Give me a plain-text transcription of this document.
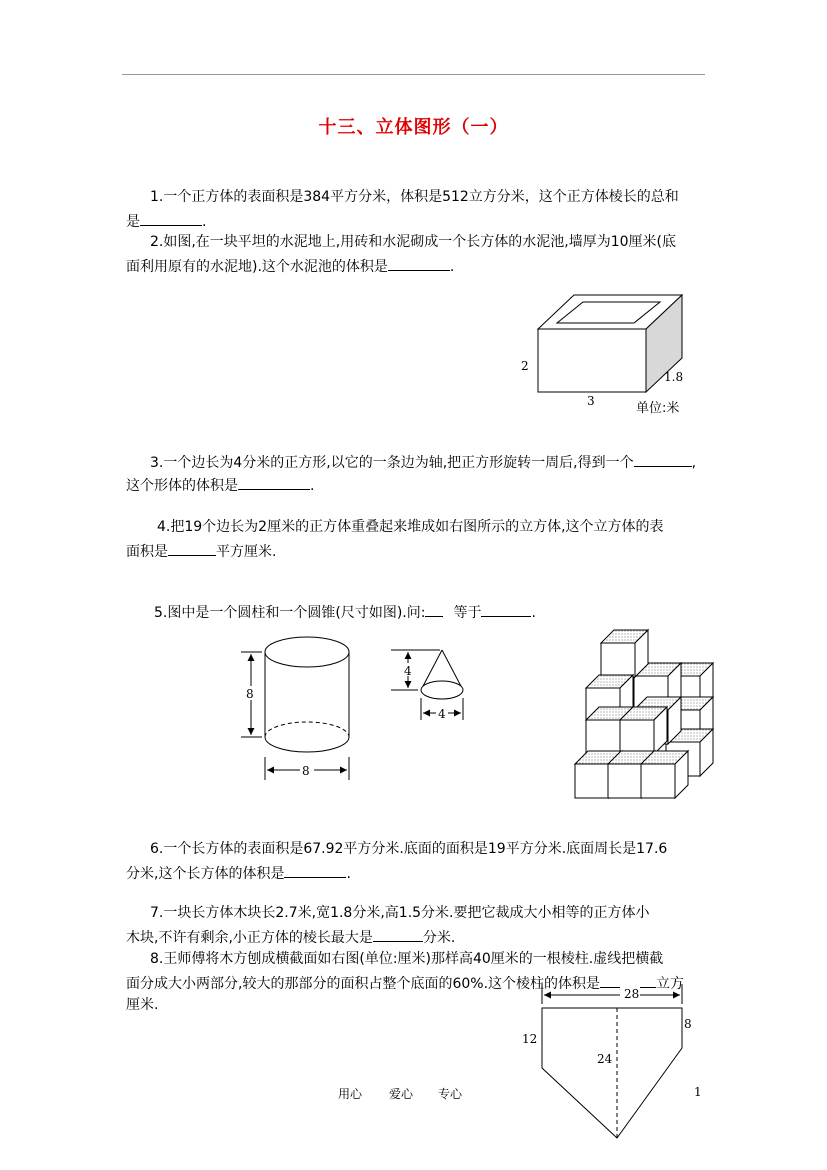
十三、立体图形（一）
1.一个正方体的表面积是384平方分米，体积是512立方分米，这个正方体棱长的总和
是	.
2.如图,在一块平坦的水泥地上,用砖和水泥砌成一个长方体的水泥池,墙厚为10厘米(底
面利用原有的水泥地).这个水泥池的体积是	.
3.一个边长为4分米的正方形,以它的一条边为轴,把正方形旋转一周后,得到一个	,
这个形体的体积是	.
4.把19个边长为2厘米的正方体重叠起来堆成如右图所示的立方体,这个立方体的表
面积是	平方厘米.
5.图中是一个圆柱和一个圆锥(尺寸如图).问: 等于	.
6.一个长方体的表面积是67.92平方分米.底面的面积是19平方分米.底面周长是17.6
分米,这个长方体的体积是	.
7.一块长方体木块长2.7米,宽1.8分米,高1.5分米.要把它裁成大小相等的正方体小
木块,不许有剩余,小正方体的棱长最大是	分米.
8.王师傅将木方刨成横截面如右图(单位:厘米)那样高40厘米的一根棱柱.虚线把横截
面分成大小两部分,较大的那部分的面积占整个底面的60%.这个棱柱的体积是	立方
厘米.
2
3
1.8
单位:米
8
8
4
4
28
12
8
24
用心 爱心 专心	1
